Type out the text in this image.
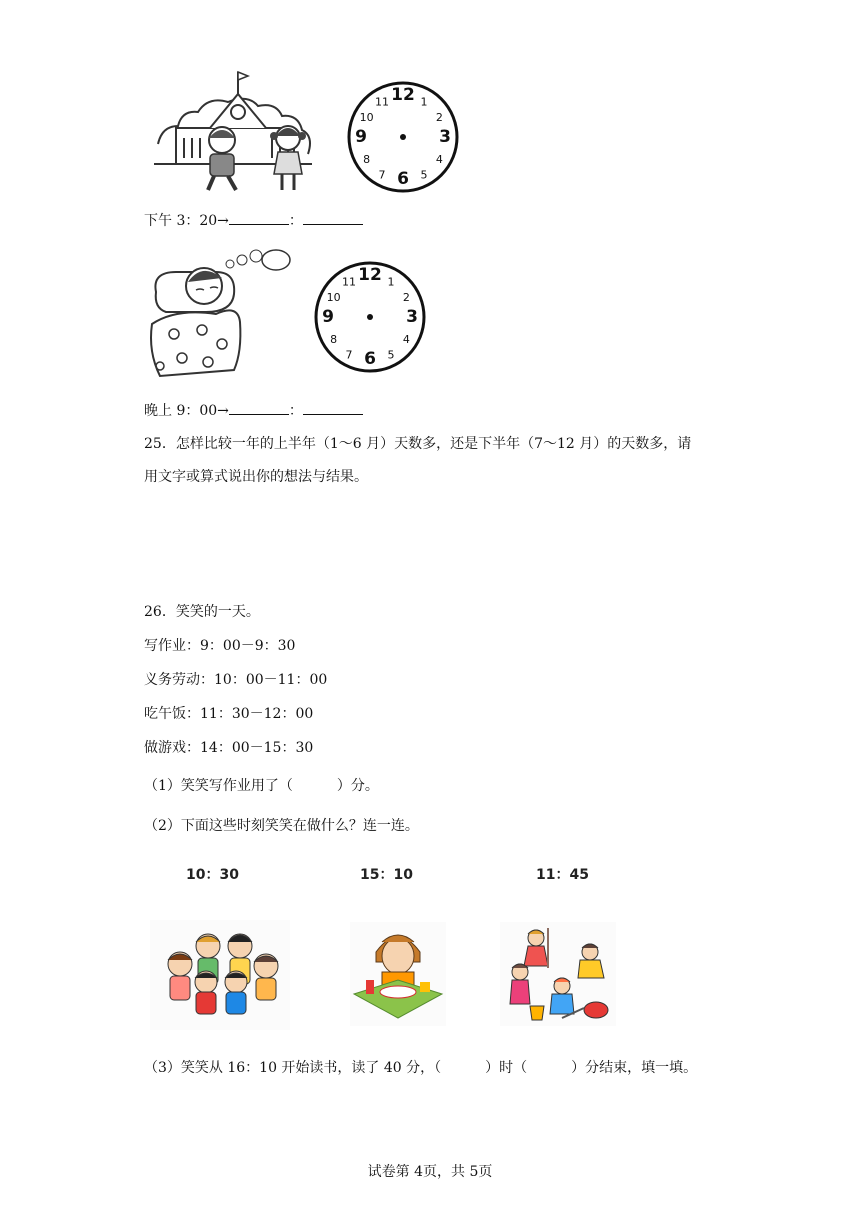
12 1
2
3
4
5
6
7
8
9
10
11
下午 3：20→	：
12 1
2
3
4
5
6
7
8
9
10
11
晚上 9：00→	：
25．怎样比较一年的上半年（1～6 月）天数多，还是下半年（7～12 月）的天数多，请
用文字或算式说出你的想法与结果。
26．笑笑的一天。
写作业：9：00－9：30
义务劳动：10：00－11：00
吃午饭：11：30－12：00
做游戏：14：00－15：30
（1）笑笑写作业用了（	）分。
（2）下面这些时刻笑笑在做什么？连一连。
10：30	15：10	11：45
（3）笑笑从 16：10 开始读书，读了 40 分，（	）时（	）分结束，填一填。
试卷第 4页，共 5页
